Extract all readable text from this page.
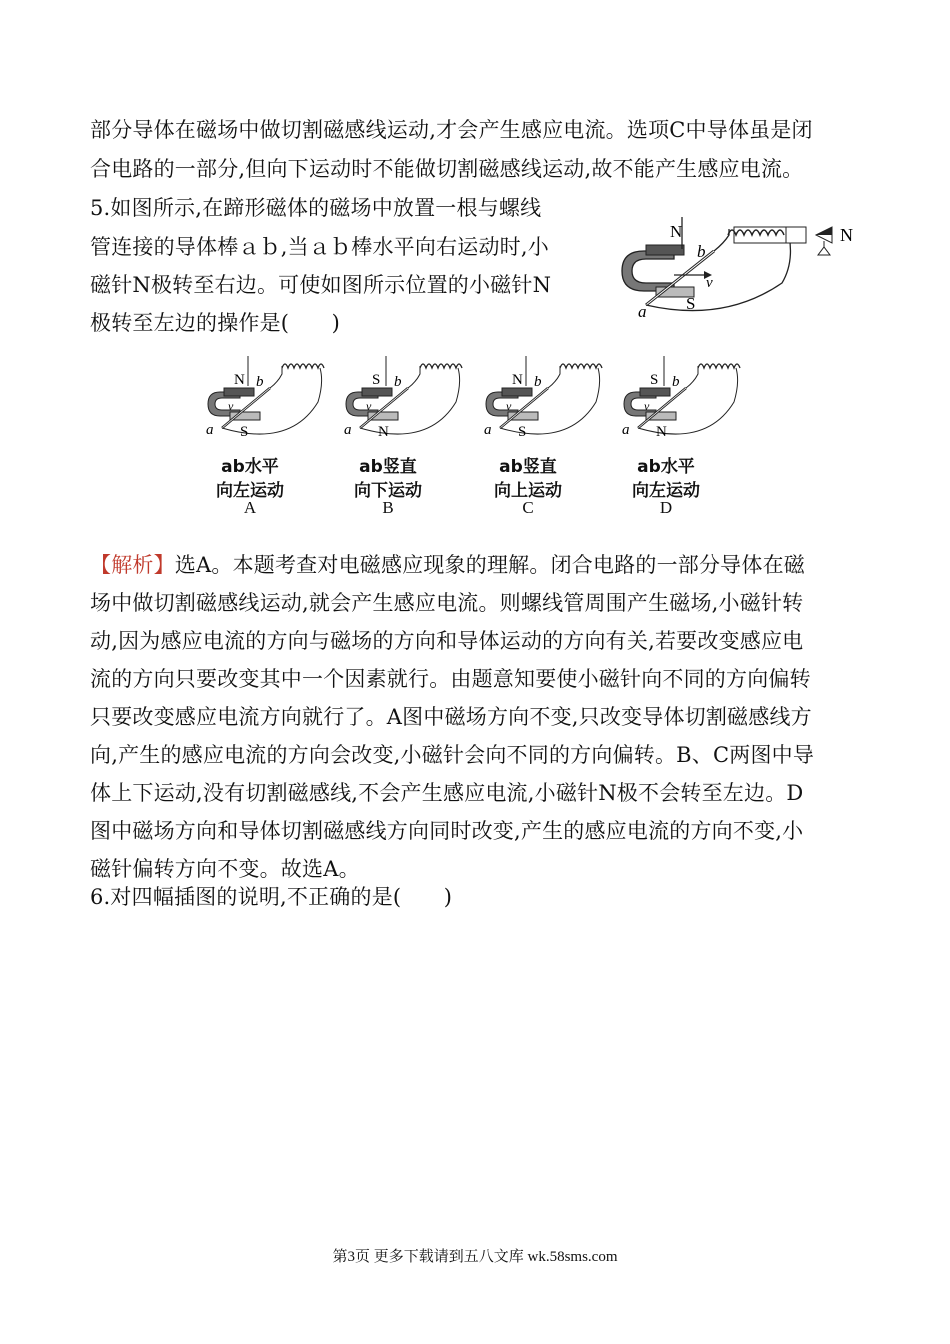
部分导体在磁场中做切割磁感线运动,才会产生感应电流。选项C中导体虽是闭
合电路的一部分,但向下运动时不能做切割磁感线运动,故不能产生感应电流。
5.如图所示,在蹄形磁体的磁场中放置一根与螺线
管连接的导体棒ａｂ,当ａｂ棒水平向右运动时,小
磁针N极转至右边。可使如图所示位置的小磁针N
极转至左边的操作是(　　)
N
S
a
b
v
N
N
S
a
b
v
ab水平
向左运动
A
S
N
a
b
v
ab竖直
向下运动
B
N
S
a
b
v
ab竖直
向上运动
C
S
N
a
b
v
ab水平
向左运动
D
【解析】选A。本题考查对电磁感应现象的理解。闭合电路的一部分导体在磁
场中做切割磁感线运动,就会产生感应电流。则螺线管周围产生磁场,小磁针转
动,因为感应电流的方向与磁场的方向和导体运动的方向有关,若要改变感应电
流的方向只要改变其中一个因素就行。由题意知要使小磁针向不同的方向偏转
只要改变感应电流方向就行了。A图中磁场方向不变,只改变导体切割磁感线方
向,产生的感应电流的方向会改变,小磁针会向不同的方向偏转。B、C两图中导
体上下运动,没有切割磁感线,不会产生感应电流,小磁针N极不会转至左边。D
图中磁场方向和导体切割磁感线方向同时改变,产生的感应电流的方向不变,小
磁针偏转方向不变。故选A。
6.对四幅插图的说明,不正确的是(　　)
第3页 更多下载请到五八文库 wk.58sms.com
